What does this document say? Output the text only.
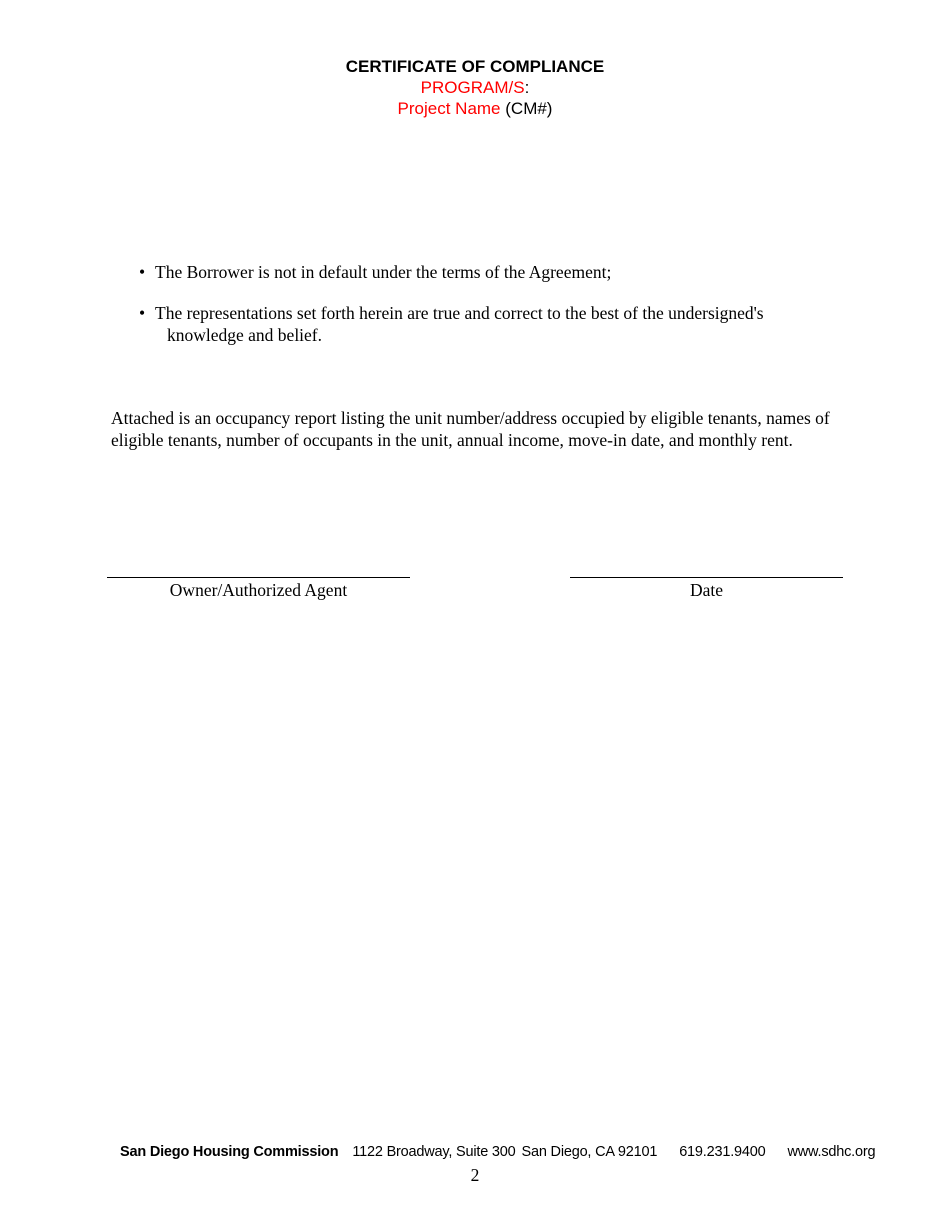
CERTIFICATE OF COMPLIANCE
PROGRAM/S:
Project Name (CM#)
• The Borrower is not in default under the terms of the Agreement;
• The representations set forth herein are true and correct to the best of the undersigned's
knowledge and belief.

Attached is an occupancy report listing the unit number/address occupied by eligible tenants, names of eligible tenants, number of occupants in the unit, annual income, move-in date, and monthly rent.

Owner/Authorized Agent	Date
San Diego Housing Commission 1122 Broadway, Suite 300 San Diego, CA 92101 619.231.9400 www.sdhc.org
2
